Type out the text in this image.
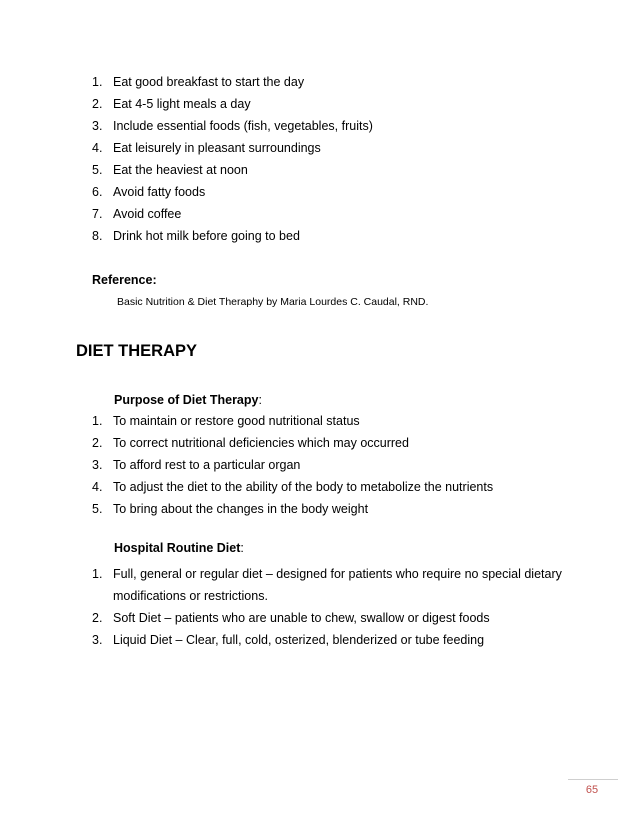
1. Eat good breakfast to start the day
2. Eat 4-5 light meals a day
3. Include essential foods (fish, vegetables, fruits)
4. Eat leisurely in pleasant surroundings
5. Eat the heaviest at noon
6. Avoid fatty foods
7. Avoid coffee
8. Drink hot milk before going to bed
Reference:
Basic Nutrition & Diet Theraphy by Maria Lourdes C. Caudal, RND.
DIET THERAPY
Purpose of Diet Therapy:
1. To maintain or restore good nutritional status
2. To correct nutritional deficiencies which may occurred
3. To afford rest to a particular organ
4. To adjust the diet to the ability of the body to metabolize the nutrients
5. To bring about the changes in the body weight
Hospital Routine Diet:
1. Full, general or regular diet – designed for patients who require no special dietary modifications or restrictions.
2. Soft Diet – patients who are unable to chew, swallow or digest foods
3. Liquid Diet – Clear, full, cold, osterized, blenderized or tube feeding
65
